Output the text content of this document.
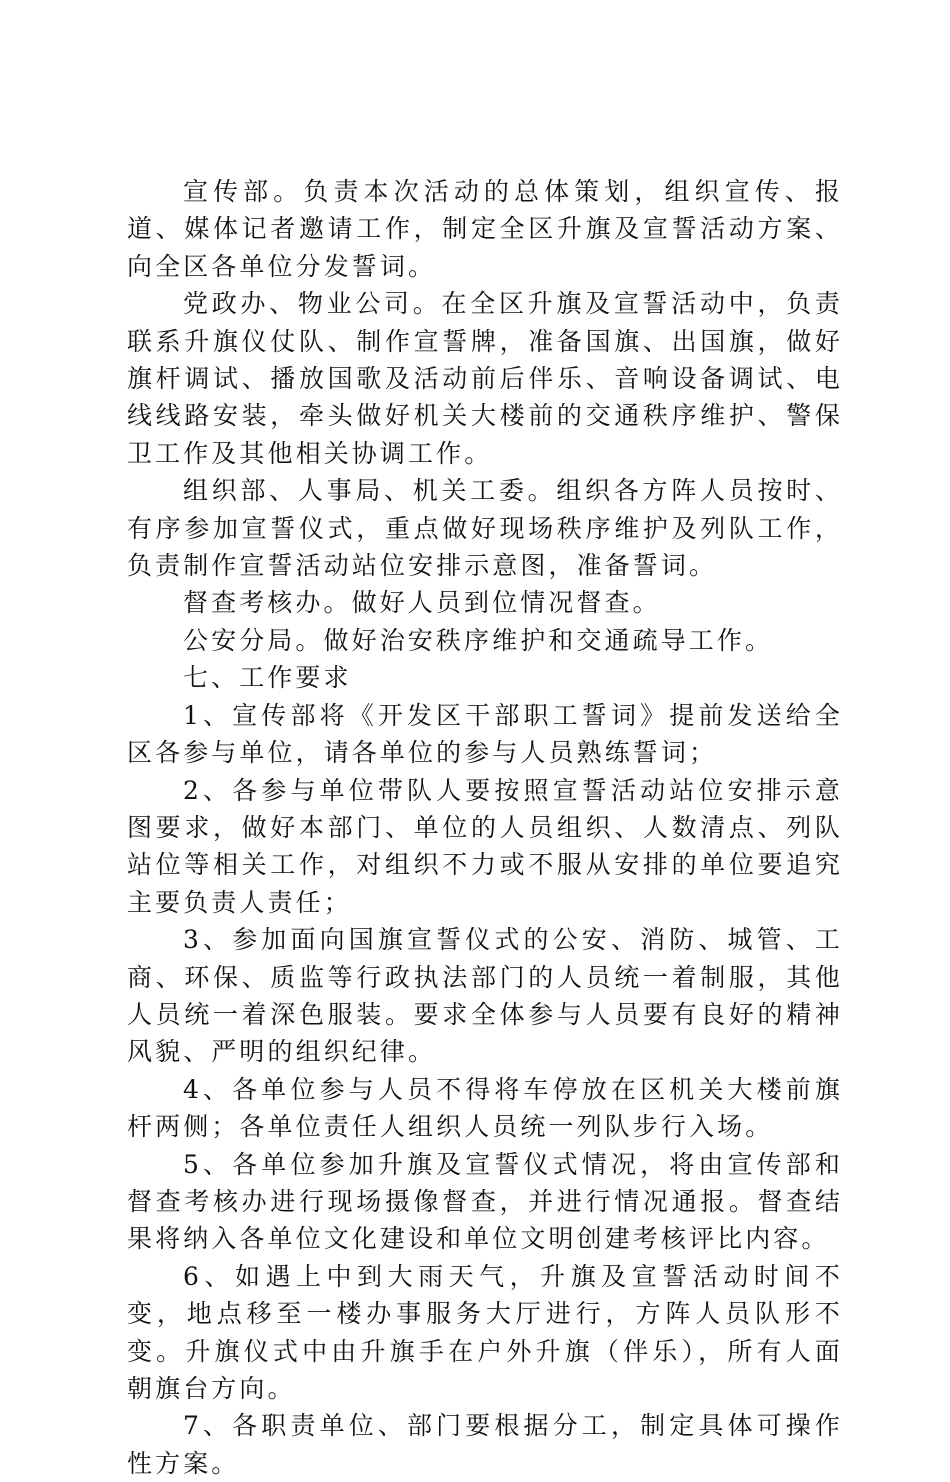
宣传部。负责本次活动的总体策划，组织宣传、报道、媒体记者邀请工作，制定全区升旗及宣誓活动方案、向全区各单位分发誓词。

党政办、物业公司。在全区升旗及宣誓活动中，负责联系升旗仪仗队、制作宣誓牌，准备国旗、出国旗，做好旗杆调试、播放国歌及活动前后伴乐、音响设备调试、电线线路安装，牵头做好机关大楼前的交通秩序维护、警保卫工作及其他相关协调工作。

组织部、人事局、机关工委。组织各方阵人员按时、有序参加宣誓仪式，重点做好现场秩序维护及列队工作，负责制作宣誓活动站位安排示意图，准备誓词。

督查考核办。做好人员到位情况督查。

公安分局。做好治安秩序维护和交通疏导工作。

七、工作要求

1、宣传部将《开发区干部职工誓词》提前发送给全区各参与单位，请各单位的参与人员熟练誓词；

2、各参与单位带队人要按照宣誓活动站位安排示意图要求，做好本部门、单位的人员组织、人数清点、列队站位等相关工作，对组织不力或不服从安排的单位要追究主要负责人责任；

3、参加面向国旗宣誓仪式的公安、消防、城管、工商、环保、质监等行政执法部门的人员统一着制服，其他人员统一着深色服装。要求全体参与人员要有良好的精神风貌、严明的组织纪律。

4、各单位参与人员不得将车停放在区机关大楼前旗杆两侧；各单位责任人组织人员统一列队步行入场。

5、各单位参加升旗及宣誓仪式情况，将由宣传部和督查考核办进行现场摄像督查，并进行情况通报。督查结果将纳入各单位文化建设和单位文明创建考核评比内容。

6、如遇上中到大雨天气，升旗及宣誓活动时间不变，地点移至一楼办事服务大厅进行，方阵人员队形不变。升旗仪式中由升旗手在户外升旗（伴乐），所有人面朝旗台方向。

7、各职责单位、部门要根据分工，制定具体可操作性方案。
